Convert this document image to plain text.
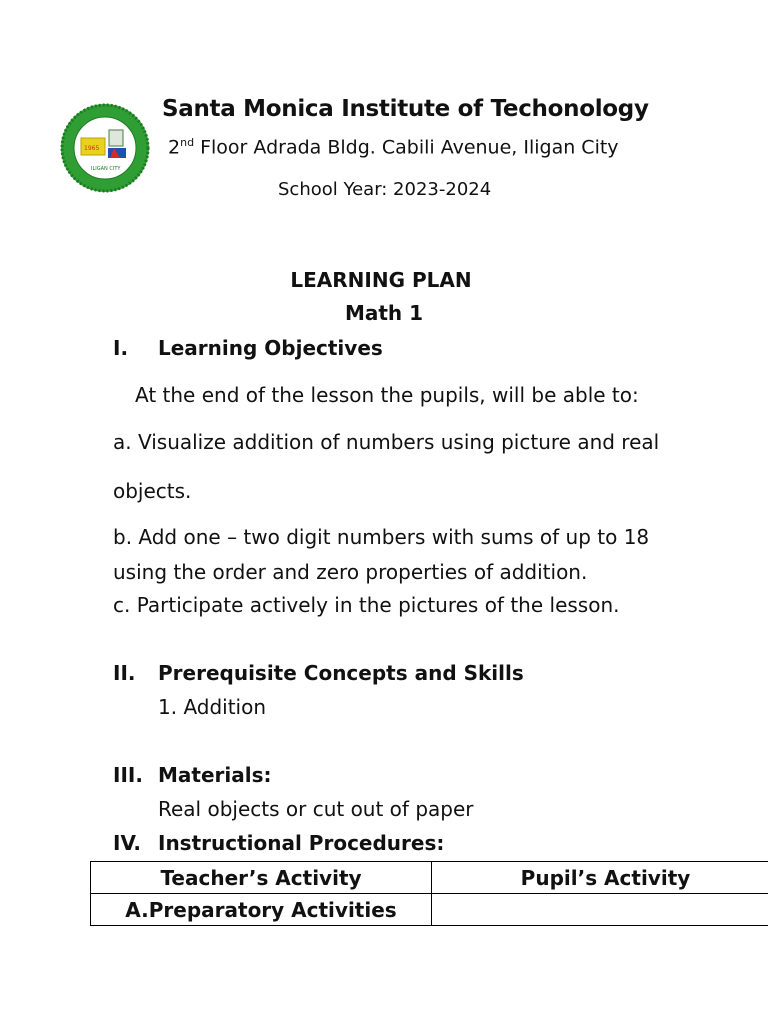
1965
ILIGAN CITY
Santa Monica Institute of Techonology
2nd Floor Adrada Bldg. Cabili Avenue, Iligan City
School Year: 2023-2024
LEARNING PLAN
Math 1
I. Learning Objectives
At the end of the lesson the pupils, will be able to:
a. Visualize addition of numbers using picture and real
objects.
b. Add one – two digit numbers with sums of up to 18
using the order and zero properties of addition.
c. Participate actively in the pictures of the lesson.
II. Prerequisite Concepts and Skills
1. Addition
III. Materials:
Real objects or cut out of paper
IV. Instructional Procedures:
Teacher’s Activity	Pupil’s Activity
A.Preparatory Activities	
